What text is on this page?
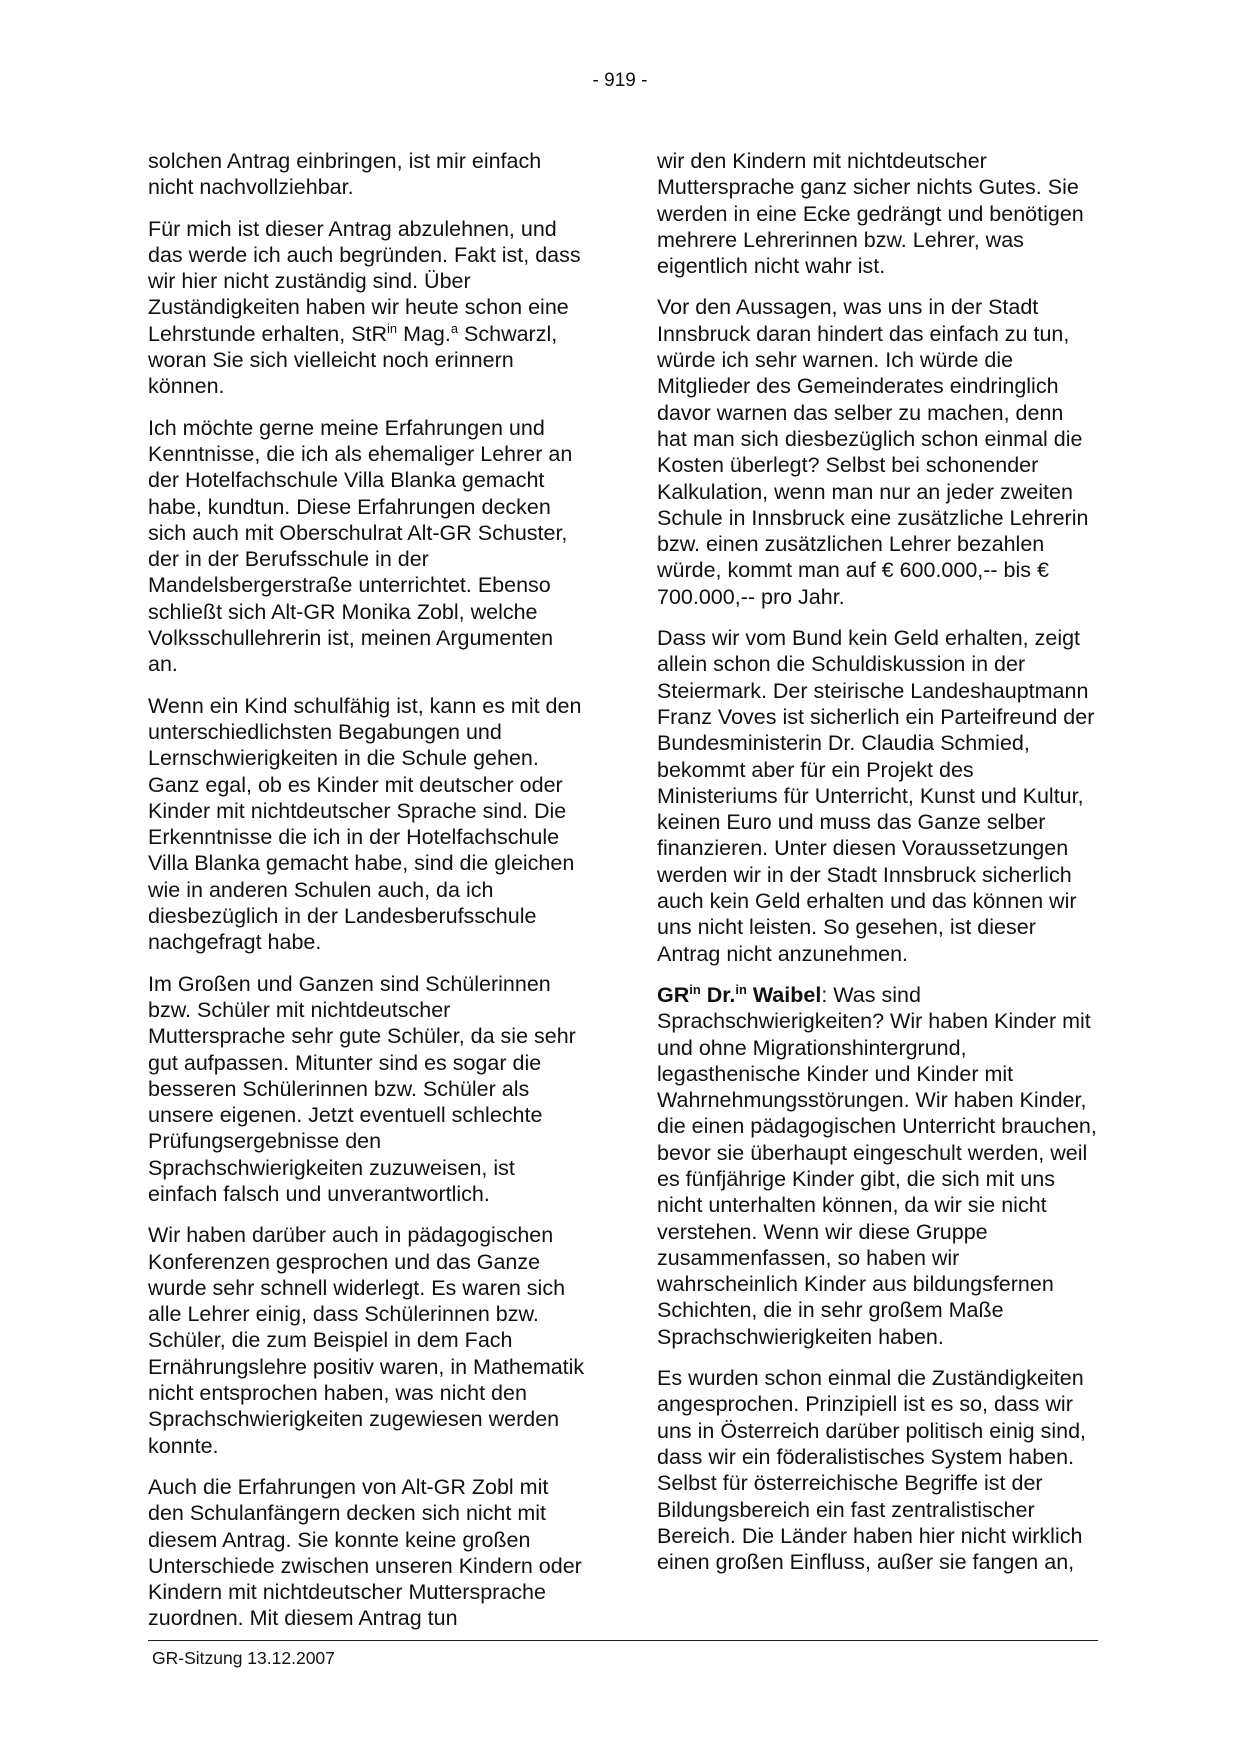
- 919 -

solchen Antrag einbringen, ist mir einfach nicht nachvollziehbar.

Für mich ist dieser Antrag abzulehnen, und das werde ich auch begründen. Fakt ist, dass wir hier nicht zuständig sind. Über Zuständigkeiten haben wir heute schon eine Lehrstunde erhalten, StR$^{in}$ Mag.$^a$ Schwarzl, woran Sie sich vielleicht noch erinnern können.

Ich möchte gerne meine Erfahrungen und Kenntnisse, die ich als ehemaliger Lehrer an der Hotelfachschule Villa Blanka gemacht habe, kundtun. Diese Erfahrungen decken sich auch mit Oberschulrat Alt-GR Schuster, der in der Berufsschule in der Mandelsbergerstraße unterrichtet. Ebenso schließt sich Alt-GR Monika Zobl, welche Volksschullehrerin ist, meinen Argumenten an.

Wenn ein Kind schulfähig ist, kann es mit den unterschiedlichsten Begabungen und Lernschwierigkeiten in die Schule gehen. Ganz egal, ob es Kinder mit deutscher oder Kinder mit nichtdeutscher Sprache sind. Die Erkenntnisse die ich in der Hotelfachschule Villa Blanka gemacht habe, sind die gleichen wie in anderen Schulen auch, da ich diesbezüglich in der Landesberufsschule nachgefragt habe.

Im Großen und Ganzen sind Schülerinnen bzw. Schüler mit nichtdeutscher Muttersprache sehr gute Schüler, da sie sehr gut aufpassen. Mitunter sind es sogar die besseren Schülerinnen bzw. Schüler als unsere eigenen. Jetzt eventuell schlechte Prüfungsergebnisse den Sprachschwierigkeiten zuzuweisen, ist einfach falsch und unverantwortlich.

Wir haben darüber auch in pädagogischen Konferenzen gesprochen und das Ganze wurde sehr schnell widerlegt. Es waren sich alle Lehrer einig, dass Schülerinnen bzw. Schüler, die zum Beispiel in dem Fach Ernährungslehre positiv waren, in Mathematik nicht entsprochen haben, was nicht den Sprachschwierigkeiten zugewiesen werden konnte.

Auch die Erfahrungen von Alt-GR Zobl mit den Schulanfängern decken sich nicht mit diesem Antrag. Sie konnte keine großen Unterschiede zwischen unseren Kindern oder Kindern mit nichtdeutscher Muttersprache zuordnen. Mit diesem Antrag tun

wir den Kindern mit nichtdeutscher Muttersprache ganz sicher nichts Gutes. Sie werden in eine Ecke gedrängt und benötigen mehrere Lehrerinnen bzw. Lehrer, was eigentlich nicht wahr ist.

Vor den Aussagen, was uns in der Stadt Innsbruck daran hindert das einfach zu tun, würde ich sehr warnen. Ich würde die Mitglieder des Gemeinderates eindringlich davor warnen das selber zu machen, denn hat man sich diesbezüglich schon einmal die Kosten überlegt? Selbst bei schonender Kalkulation, wenn man nur an jeder zweiten Schule in Innsbruck eine zusätzliche Lehrerin bzw. einen zusätzlichen Lehrer bezahlen würde, kommt man auf € 600.000,-- bis € 700.000,-- pro Jahr.

Dass wir vom Bund kein Geld erhalten, zeigt allein schon die Schuldiskussion in der Steiermark. Der steirische Landeshauptmann Franz Voves ist sicherlich ein Parteifreund der Bundesministerin Dr. Claudia Schmied, bekommt aber für ein Projekt des Ministeriums für Unterricht, Kunst und Kultur, keinen Euro und muss das Ganze selber finanzieren. Unter diesen Voraussetzungen werden wir in der Stadt Innsbruck sicherlich auch kein Geld erhalten und das können wir uns nicht leisten. So gesehen, ist dieser Antrag nicht anzunehmen.

$GR^{in}$ Dr.$^{in}$ Waibel: Was sind Sprachschwierigkeiten? Wir haben Kinder mit und ohne Migrationshintergrund, legasthenische Kinder und Kinder mit Wahrnehmungsstörungen. Wir haben Kinder, die einen pädagogischen Unterricht brauchen, bevor sie überhaupt eingeschult werden, weil es fünfjährige Kinder gibt, die sich mit uns nicht unterhalten können, da wir sie nicht verstehen. Wenn wir diese Gruppe zusammenfassen, so haben wir wahrscheinlich Kinder aus bildungsfernen Schichten, die in sehr großem Maße Sprachschwierigkeiten haben.

Es wurden schon einmal die Zuständigkeiten angesprochen. Prinzipiell ist es so, dass wir uns in Österreich darüber politisch einig sind, dass wir ein föderalistisches System haben. Selbst für österreichische Begriffe ist der Bildungsbereich ein fast zentralistischer Bereich. Die Länder haben hier nicht wirklich einen großen Einfluss, außer sie fangen an,

GR-Sitzung 13.12.2007
